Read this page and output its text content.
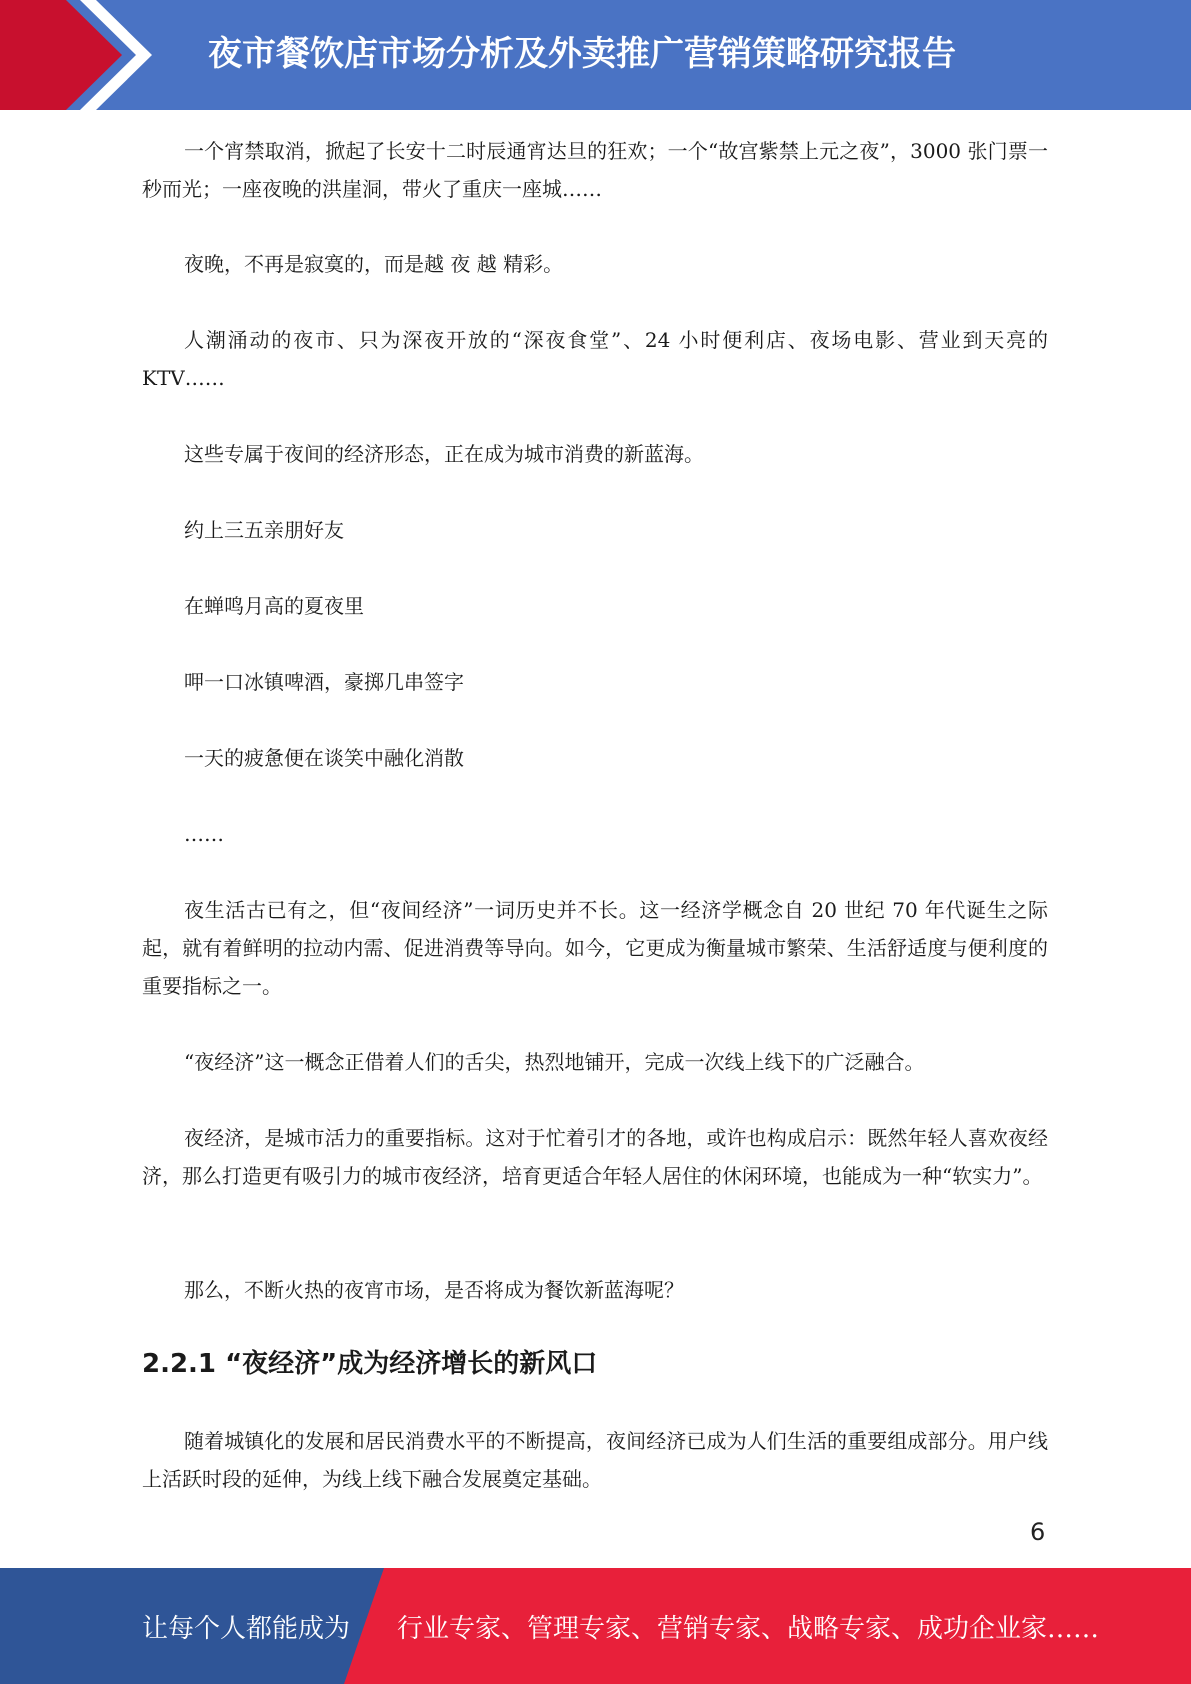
夜市餐饮店市场分析及外卖推广营销策略研究报告

一个宵禁取消，掀起了长安十二时辰通宵达旦的狂欢；一个“故宫紫禁上元之夜”，3000 张门票一秒而光；一座夜晚的洪崖洞，带火了重庆一座城……

夜晚，不再是寂寞的，而是越 夜 越 精彩。

人潮涌动的夜市、只为深夜开放的“深夜食堂”、24 小时便利店、夜场电影、营业到天亮的 KTV……

这些专属于夜间的经济形态，正在成为城市消费的新蓝海。

约上三五亲朋好友

在蝉鸣月高的夏夜里

呷一口冰镇啤酒，豪掷几串签字

一天的疲惫便在谈笑中融化消散

……

夜生活古已有之，但“夜间经济”一词历史并不长。这一经济学概念自 20 世纪 70 年代诞生之际起，就有着鲜明的拉动内需、促进消费等导向。如今，它更成为衡量城市繁荣、生活舒适度与便利度的重要指标之一。

“夜经济”这一概念正借着人们的舌尖，热烈地铺开，完成一次线上线下的广泛融合。

夜经济，是城市活力的重要指标。这对于忙着引才的各地，或许也构成启示：既然年轻人喜欢夜经济，那么打造更有吸引力的城市夜经济，培育更适合年轻人居住的休闲环境，也能成为一种“软实力”。

那么，不断火热的夜宵市场，是否将成为餐饮新蓝海呢？

2.2.1 “夜经济”成为经济增长的新风口

随着城镇化的发展和居民消费水平的不断提高，夜间经济已成为人们生活的重要组成部分。用户线上活跃时段的延伸，为线上线下融合发展奠定基础。

6
让每个人都能成为 行业专家、管理专家、营销专家、战略专家、成功企业家……
